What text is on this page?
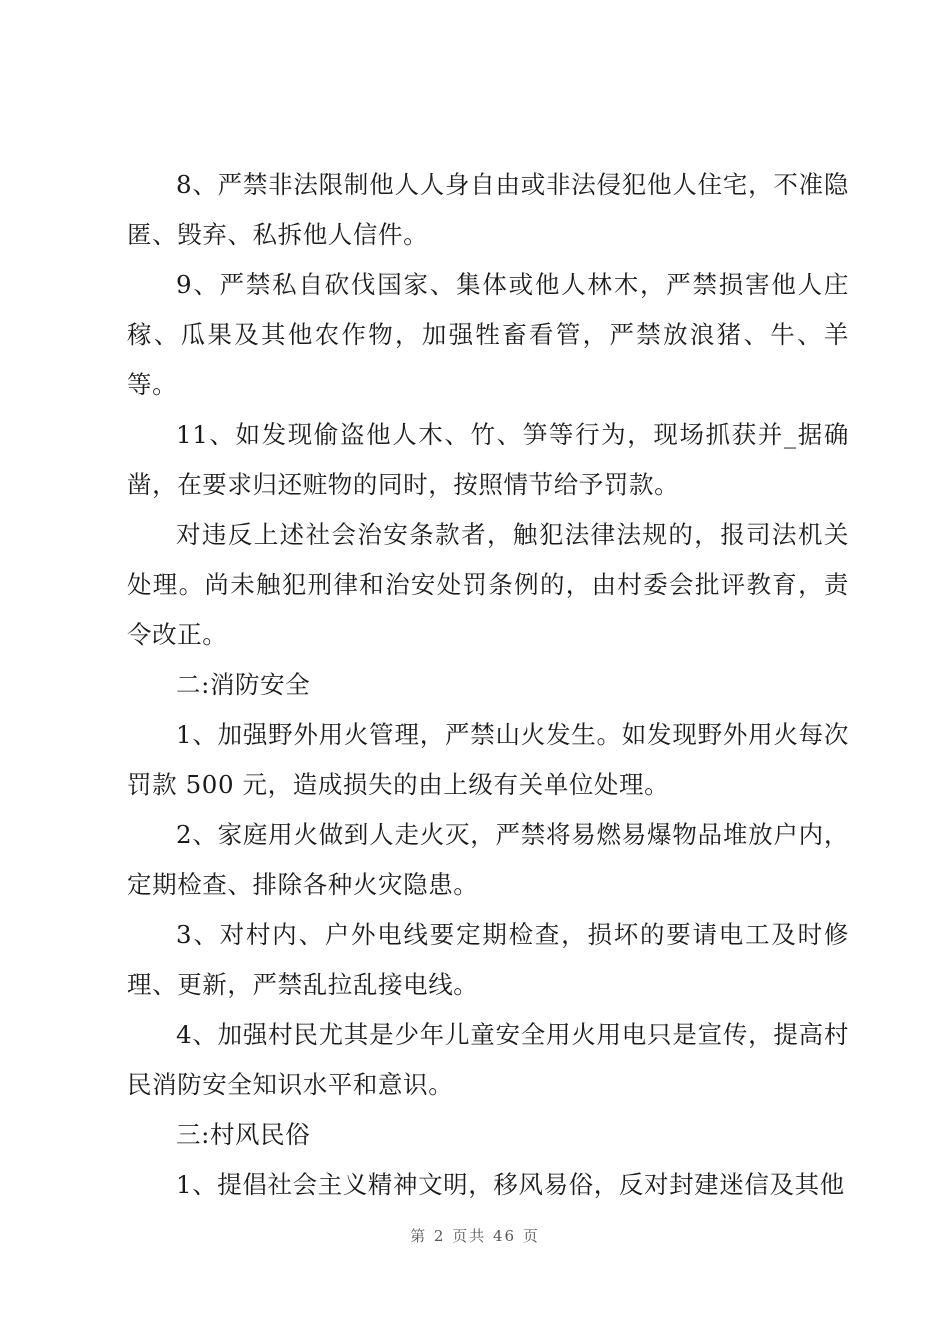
8、严禁非法限制他人人身自由或非法侵犯他人住宅，不准隐匿、毁弃、私拆他人信件。

9、严禁私自砍伐国家、集体或他人林木，严禁损害他人庄稼、瓜果及其他农作物，加强牲畜看管，严禁放浪猪、牛、羊等。

11、如发现偷盗他人木、竹、笋等行为，现场抓获并_据确凿，在要求归还赃物的同时，按照情节给予罚款。

对违反上述社会治安条款者，触犯法律法规的，报司法机关处理。尚未触犯刑律和治安处罚条例的，由村委会批评教育，责令改正。

二:消防安全

1、加强野外用火管理，严禁山火发生。如发现野外用火每次罚款 500 元，造成损失的由上级有关单位处理。

2、家庭用火做到人走火灭，严禁将易燃易爆物品堆放户内，定期检查、排除各种火灾隐患。

3、对村内、户外电线要定期检查，损坏的要请电工及时修理、更新，严禁乱拉乱接电线。

4、加强村民尤其是少年儿童安全用火用电只是宣传，提高村民消防安全知识水平和意识。

三:村风民俗

1、提倡社会主义精神文明，移风易俗，反对封建迷信及其他

第 2 页共 46 页
